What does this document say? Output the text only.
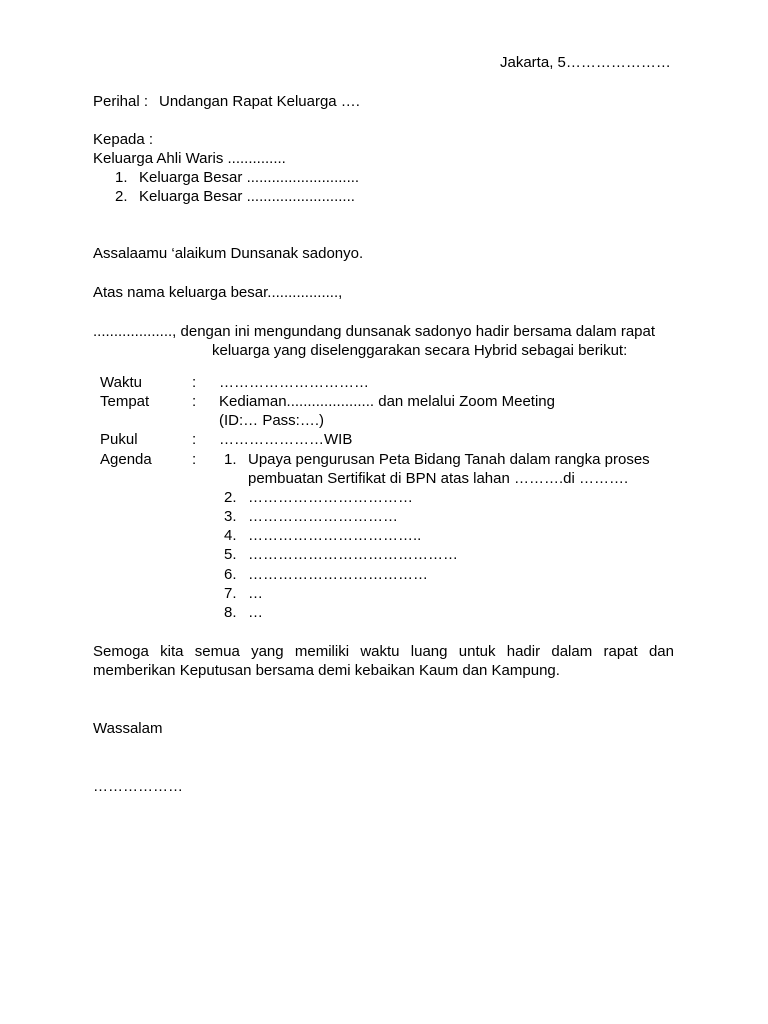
Jakarta, 5…………………
Perihal : Undangan Rapat Keluarga ….
Kepada :
Keluarga Ahli Waris ..............
1. Keluarga Besar ...........................
2. Keluarga Besar ..........................
Assalaamu ‘alaikum Dunsanak sadonyo.
Atas nama keluarga besar.................,
..................., dengan ini mengundang dunsanak sadonyo hadir bersama dalam rapat
keluarga yang diselenggarakan secara Hybrid sebagai berikut:
Waktu	: …………………………
Tempat	: Kediaman..................... dan melalui Zoom Meeting
(ID:… Pass:….)
Pukul	: …………………WIB
Agenda	: 1. Upaya pengurusan Peta Bidang Tanah dalam rangka proses
pembuatan Sertifikat di BPN atas lahan ……….di ……….
2. ……………………………
3. …………………………
4. ……………………………..
5. ……………………………………
6. ………………………………
7. …
8. …
Semoga kita semua yang memiliki waktu luang untuk hadir dalam rapat dan memberikan Keputusan bersama demi kebaikan Kaum dan Kampung.
Wassalam
………………
